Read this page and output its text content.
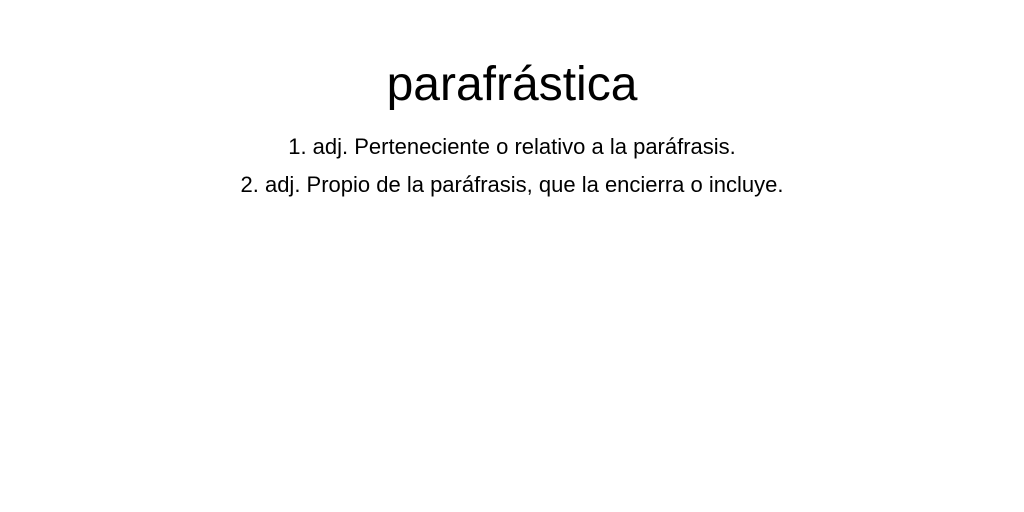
parafrástica
1. adj. Perteneciente o relativo a la paráfrasis.
2. adj. Propio de la paráfrasis, que la encierra o incluye.
